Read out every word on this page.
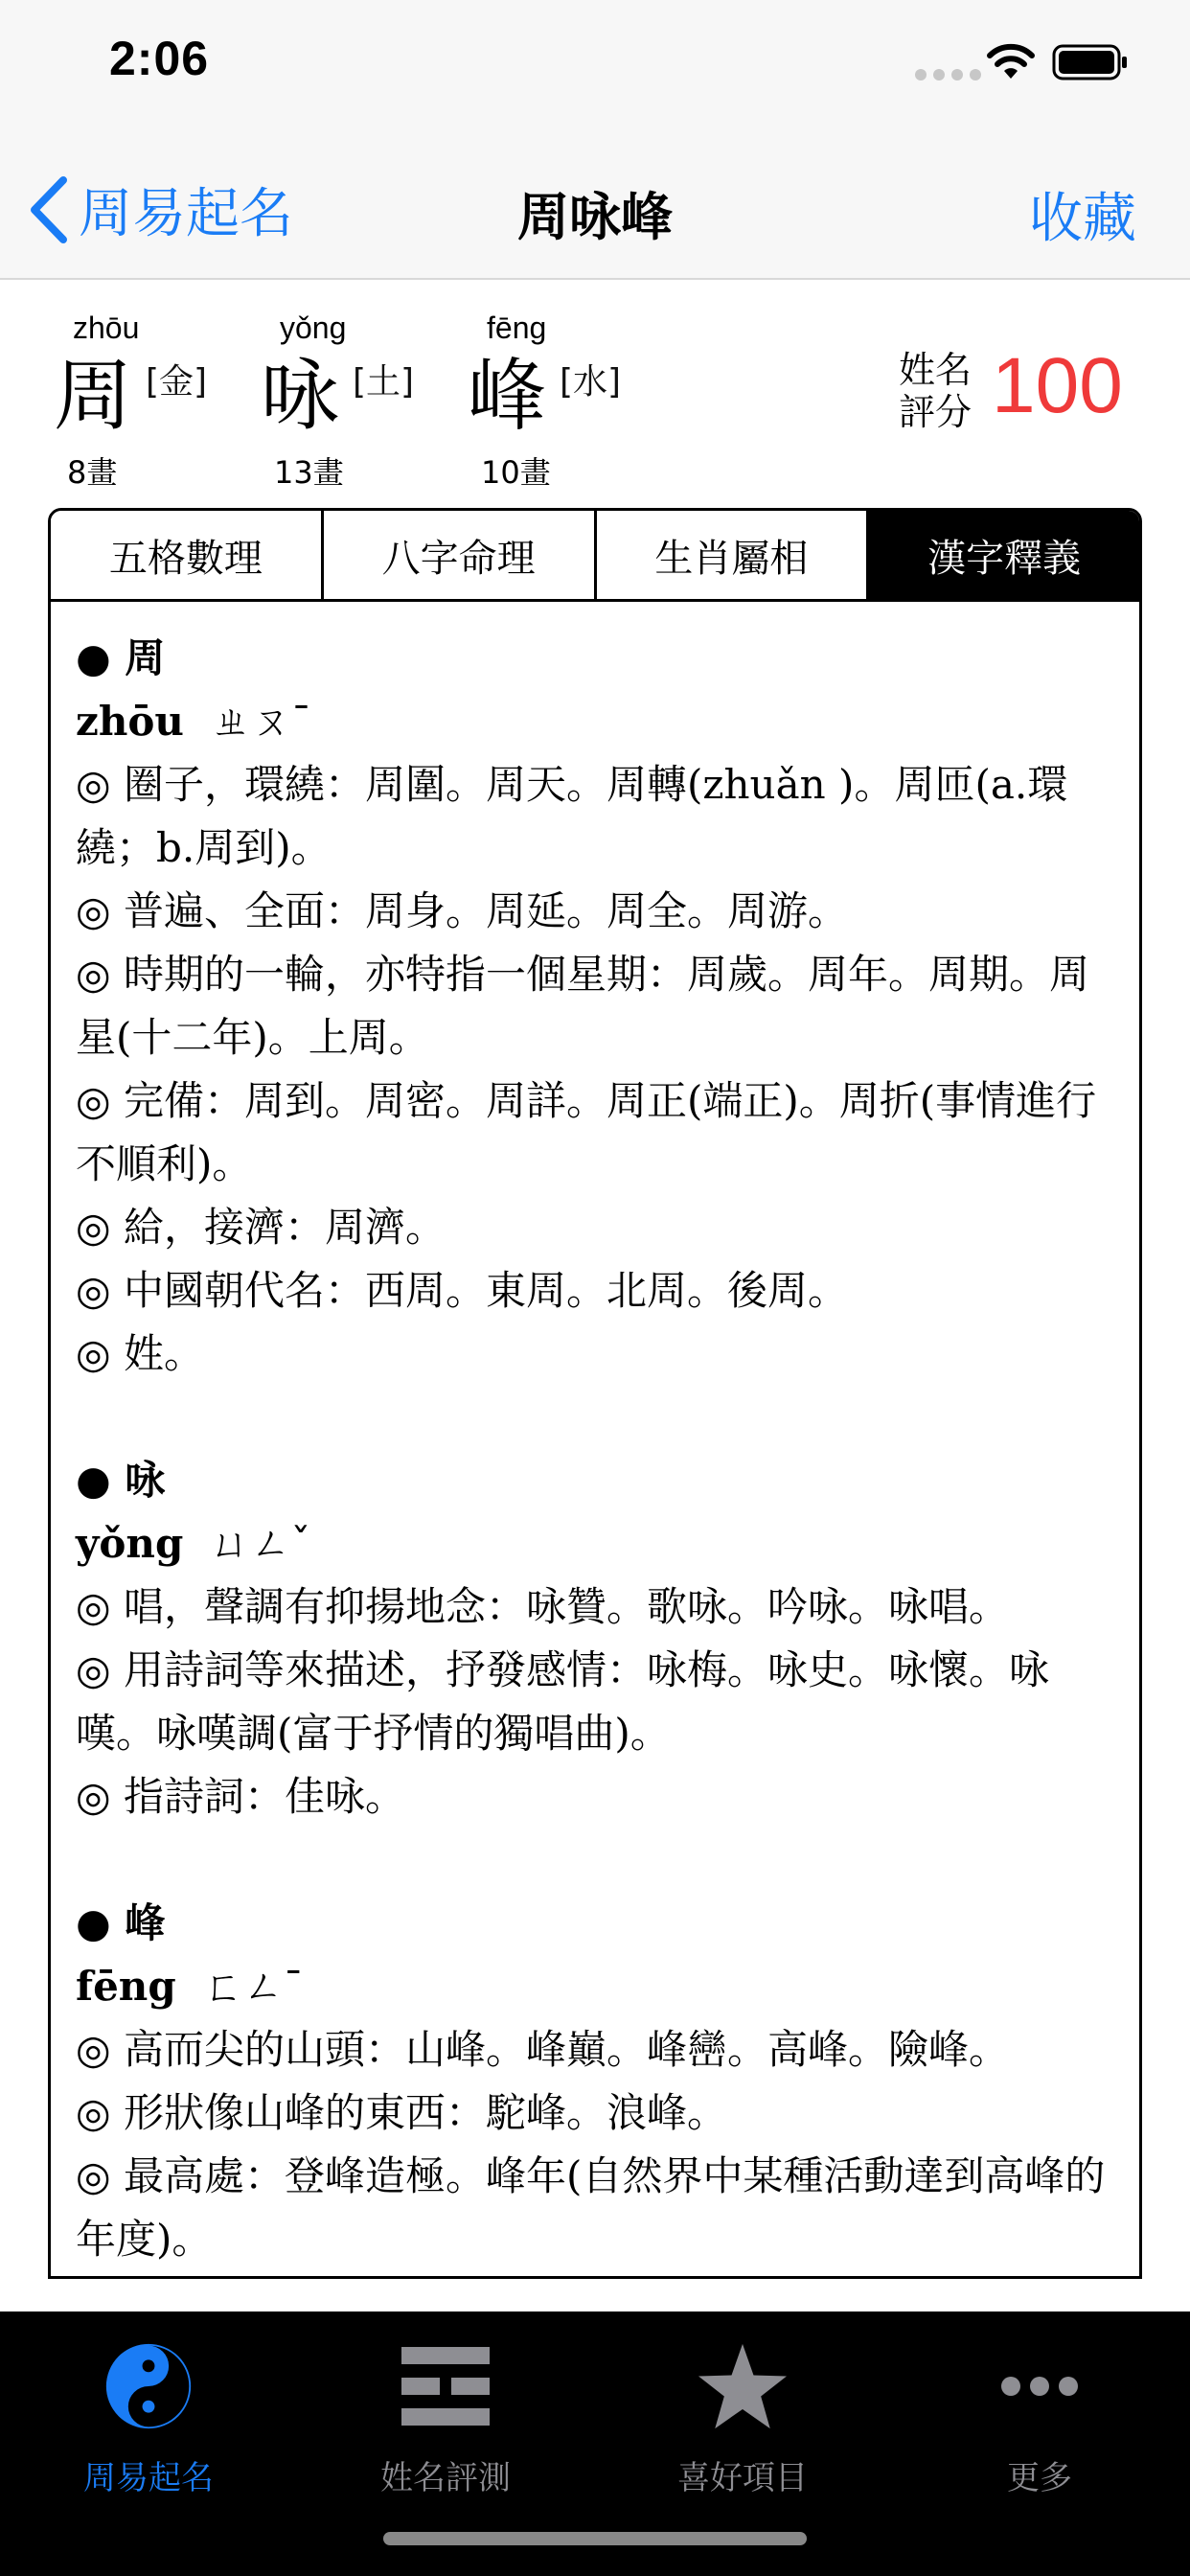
2:06
周易起名	周咏峰	收藏
zhōu
周 [金]
8畫
yǒng
咏 [土]
13畫
fēng
峰 [水]
10畫
姓名評分 100
五格數理	八字命理	生肖屬相	漢字釋義
● 周
zhōu ㄓㄡˉ
◎ 圈子，環繞：周圍。周天。周轉(zhuǎn )。周匝(a.環繞；b.周到)。
◎ 普遍、全面：周身。周延。周全。周游。
◎ 時期的一輪，亦特指一個星期：周歲。周年。周期。周星(十二年)。上周。
◎ 完備：周到。周密。周詳。周正(端正)。周折(事情進行不順利)。
◎ 給，接濟：周濟。
◎ 中國朝代名：西周。東周。北周。後周。
◎ 姓。
● 咏
yǒng ㄩㄥˇ
◎ 唱，聲調有抑揚地念：咏贊。歌咏。吟咏。咏唱。
◎ 用詩詞等來描述，抒發感情：咏梅。咏史。咏懷。咏嘆。咏嘆調(富于抒情的獨唱曲)。
◎ 指詩詞：佳咏。
● 峰
fēng ㄈㄥˉ
◎ 高而尖的山頭：山峰。峰巔。峰巒。高峰。險峰。
◎ 形狀像山峰的東西：駝峰。浪峰。
◎ 最高處：登峰造極。峰年(自然界中某種活動達到高峰的年度)。
周易起名	姓名評測	喜好項目	更多
